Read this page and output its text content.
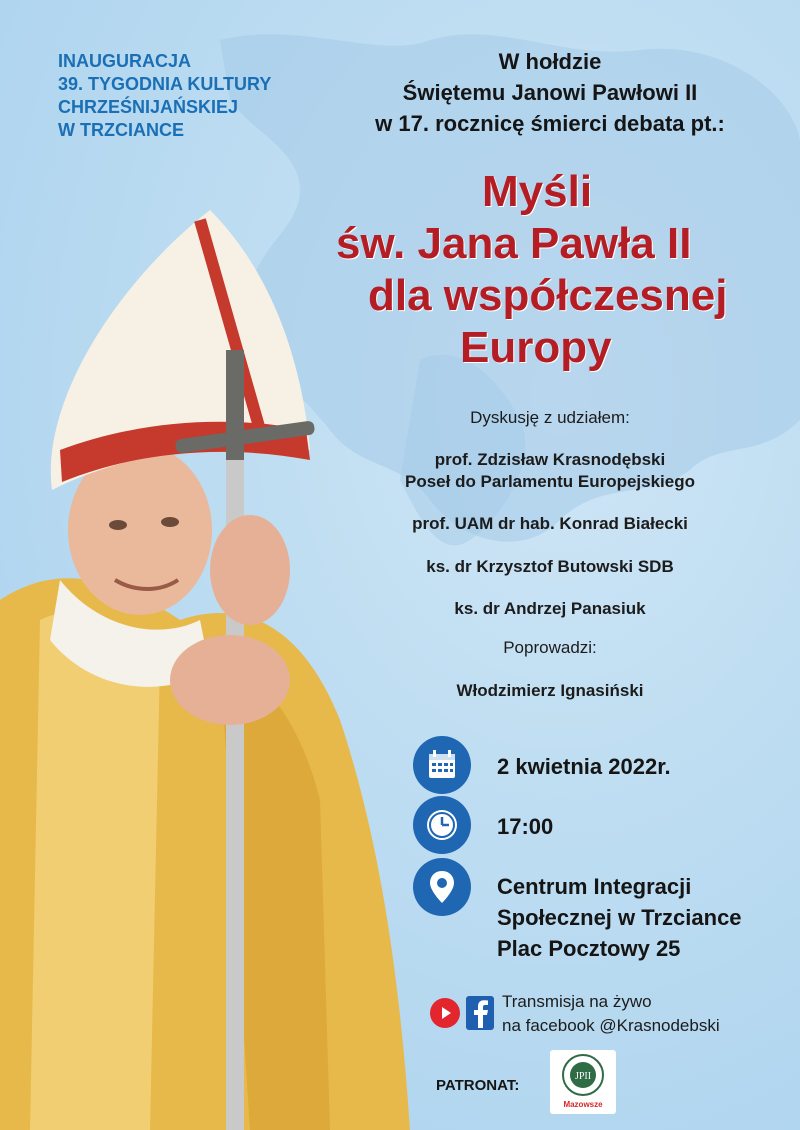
INAUGURACJA
39. TYGODNIA KULTURY
CHRZEŚNIJAŃSKIEJ
W TRZCIANCE
W hołdzie
Świętemu Janowi Pawłowi II
w 17. rocznicę śmierci debata pt.:
Myśli
św. Jana Pawła II
dla współczesnej
Europy
Dyskusję z udziałem:
prof. Zdzisław Krasnodębski
Poseł do Parlamentu Europejskiego
prof. UAM dr hab. Konrad Białecki
ks. dr Krzysztof Butowski SDB
ks. dr Andrzej Panasiuk
Poprowadzi:
Włodzimierz Ignasiński
2 kwietnia 2022r.
17:00
Centrum Integracji
Społecznej w Trzciance
Plac Pocztowy 25
Transmisja na żywo
na facebook @Krasnodebski
PATRONAT:
JPII
Mazowsze
